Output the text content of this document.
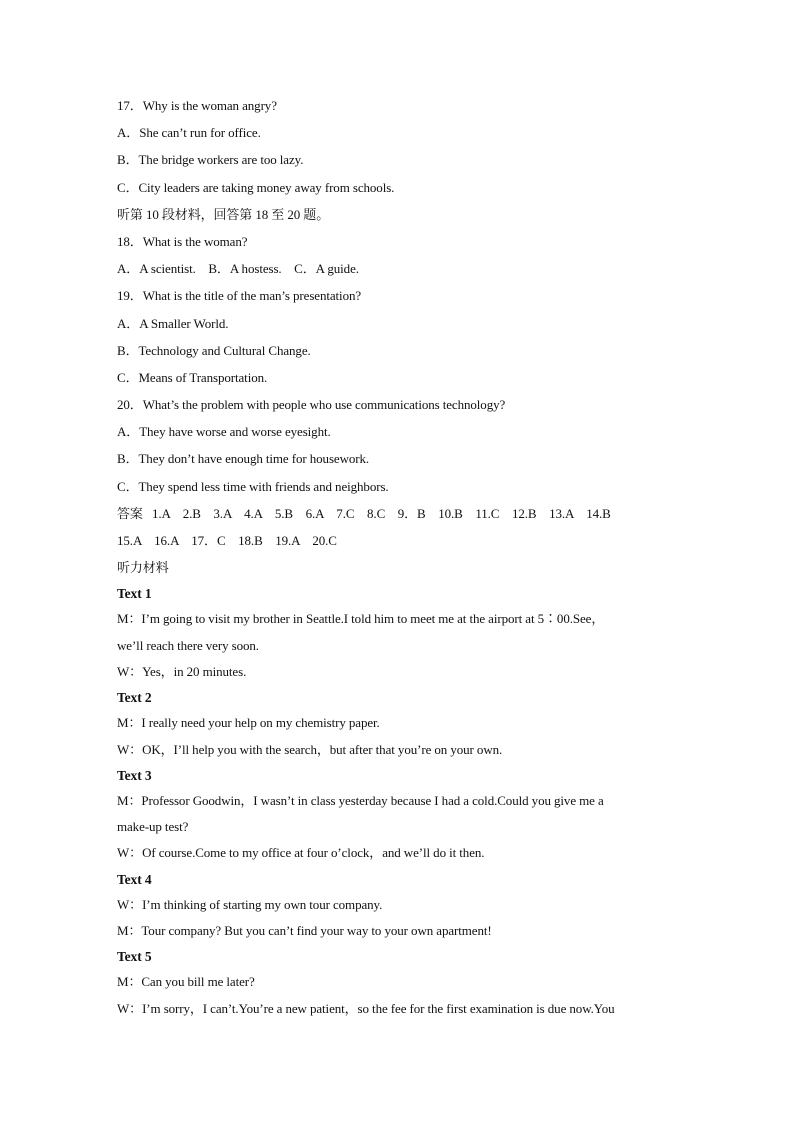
17．Why is the woman angry?
A．She can’t run for office.
B．The bridge workers are too lazy.
C．City leaders are taking money away from schools.
听第 10 段材料，回答第 18 至 20 题。
18．What is the woman?
A．A scientist.    B．A hostess.    C．A guide.
19．What is the title of the man’s presentation?
A．A Smaller World.
B．Technology and Cultural Change.
C．Means of Transportation.
20．What’s the problem with people who use communications technology?
A．They have worse and worse eyesight.
B．They don’t have enough time for housework.
C．They spend less time with friends and neighbors.
答案 1.A    2.B    3.A    4.A    5.B    6.A    7.C    8.C    9．B    10.B    11.C    12.B    13.A    14.B
15.A    16.A    17．C    18.B    19.A    20.C
听力材料
Text 1
M：I’m going to visit my brother in Seattle.I told him to meet me at the airport at 5∶00.See，
we’ll reach there very soon.
W：Yes，in 20 minutes.
Text 2
M：I really need your help on my chemistry paper.
W：OK，I’ll help you with the search，but after that you’re on your own.
Text 3
M：Professor Goodwin，I wasn’t in class yesterday because I had a cold.Could you give me a
make-up test?
W：Of course.Come to my office at four o’clock，and we’ll do it then.
Text 4
W：I’m thinking of starting my own tour company.
M：Tour company? But you can’t find your way to your own apartment!
Text 5
M：Can you bill me later?
W：I’m sorry，I can’t.You’re a new patient，so the fee for the first examination is due now.You
